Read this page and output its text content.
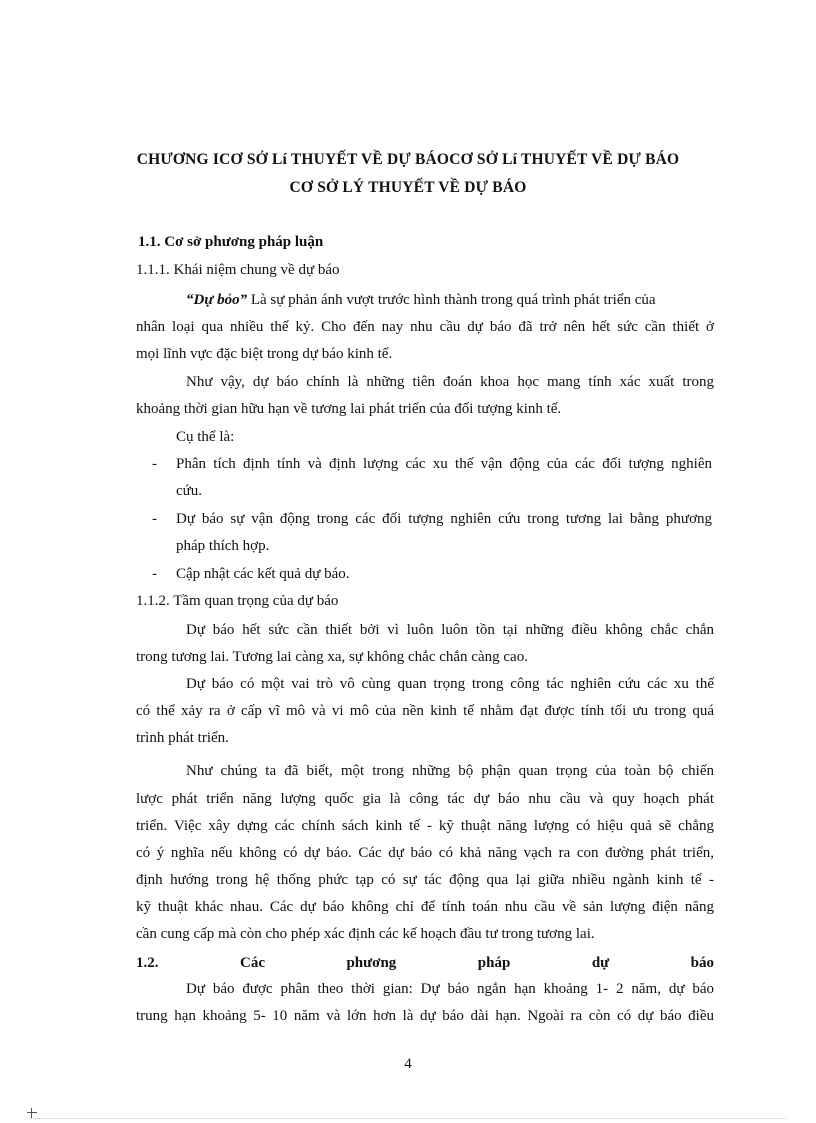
CHƯƠNG ICƠ SỞ Lí THUYẾT VỀ DỰ BÁOCƠ SỞ Lí THUYẾT VỀ DỰ BÁO
CƠ SỞ LÝ THUYẾT VỀ DỰ BÁO
1.1. Cơ sở phương pháp luận
1.1.1. Khái niệm chung về dự báo
“Dự bỏo” Là sự phản ánh vượt trước hình thành trong quá trình phát triển của
nhân loại qua nhiều thế kỷ. Cho đến nay nhu cầu dự báo đã trở nên hết sức cần thiết ở
mọi lĩnh vực đặc biệt trong dự báo kinh tế.
Như vậy, dự báo chính là những tiên đoán khoa học mang tính xác xuất trong
khoảng thời gian hữu hạn về tương lai phát triển của đối tượng kinh tế.
Cụ thể là:
- Phân tích định tính và định lượng các xu thế vận động của các đối tượng nghiên
cứu.
- Dự báo sự vận động trong các đối tượng nghiên cứu trong tương lai bằng phương
pháp thích hợp.
- Cập nhật các kết quả dự báo.
1.1.2. Tầm quan trọng của dự báo
Dự báo hết sức cần thiết bởi vì luôn luôn tồn tại những điều không chắc chắn
trong tương lai. Tương lai càng xa, sự không chắc chắn càng cao.
Dự báo có một vai trò vô cùng quan trọng trong công tác nghiên cứu các xu thế
có thể xảy ra ở cấp vĩ mô và vi mô của nền kinh tế nhằm đạt được tính tối ưu trong quá
trình phát triển.
Như chúng ta đã biết, một trong những bộ phận quan trọng của toàn bộ chiến
lược phát triển năng lượng quốc gia là công tác dự báo nhu cầu và quy hoạch phát
triển. Việc xây dựng các chính sách kinh tế - kỹ thuật năng lượng có hiệu quả sẽ chẳng
có ý nghĩa nếu không có dự báo. Các dự báo có khả năng vạch ra con đường phát triển,
định hướng trong hệ thống phức tạp có sự tác động qua lại giữa nhiều ngành kinh tế -
kỹ thuật khác nhau. Các dự báo không chỉ để tính toán nhu cầu về sản lượng điện năng
cần cung cấp mà còn cho phép xác định các kế hoạch đầu tư trong tương lai.
1.2.	Các	phương	pháp	dự	báo
Dự báo được phân theo thời gian: Dự báo ngắn hạn khoảng 1- 2 năm, dự báo
trung hạn khoảng 5- 10 năm và lớn hơn là dự báo dài hạn. Ngoài ra còn có dự báo điều
4
